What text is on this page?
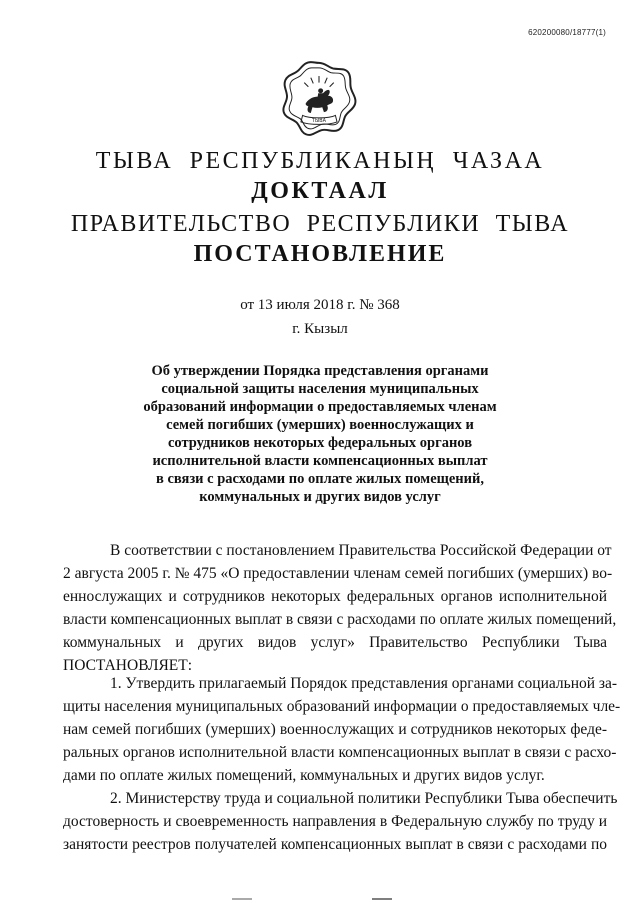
620200080/18777(1)
ТЫВА
ТЫВА РЕСПУБЛИКАНЫҢ ЧАЗАА
ДОКТААЛ
ПРАВИТЕЛЬСТВО РЕСПУБЛИКИ ТЫВА
ПОСТАНОВЛЕНИЕ
от 13 июля 2018 г. № 368
г. Кызыл
Об утверждении Порядка представления органами
социальной защиты населения муниципальных
образований информации о предоставляемых членам
семей погибших (умерших) военнослужащих и
сотрудников некоторых федеральных органов
исполнительной власти компенсационных выплат
в связи с расходами по оплате жилых помещений,
коммунальных и других видов услуг
В соответствии с постановлением Правительства Российской Федерации от
2 августа 2005 г. № 475 «О предоставлении членам семей погибших (умерших) во-
еннослужащих и сотрудников некоторых федеральных органов исполнительной
власти компенсационных выплат в связи с расходами по оплате жилых помещений,
коммунальных и других видов услуг» Правительство Республики Тыва
ПОСТАНОВЛЯЕТ:
1. Утвердить прилагаемый Порядок представления органами социальной за-
щиты населения муниципальных образований информации о предоставляемых чле-
нам семей погибших (умерших) военнослужащих и сотрудников некоторых феде-
ральных органов исполнительной власти компенсационных выплат в связи с расхо-
дами по оплате жилых помещений, коммунальных и других видов услуг.
2. Министерству труда и социальной политики Республики Тыва обеспечить
достоверность и своевременность направления в Федеральную службу по труду и
занятости реестров получателей компенсационных выплат в связи с расходами по
